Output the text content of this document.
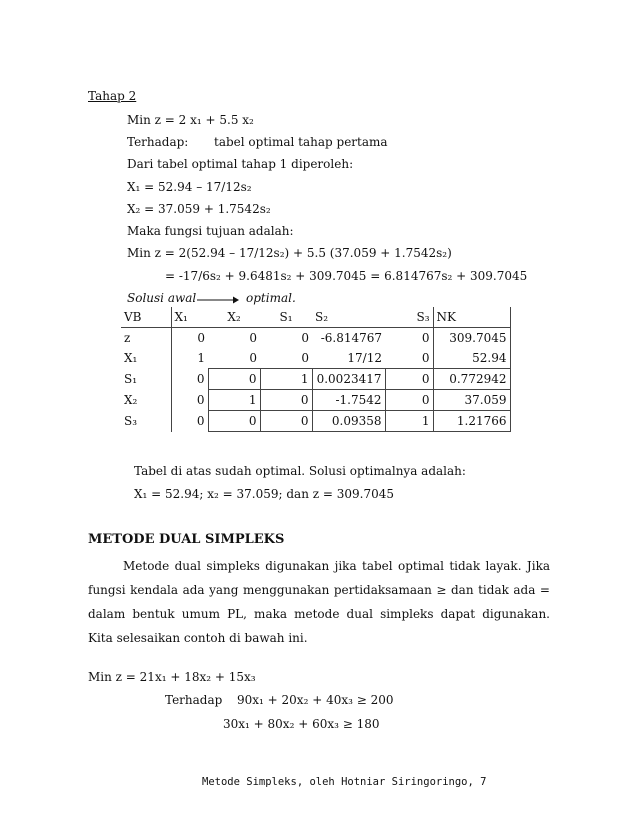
Tahap 2
Min z = 2 x₁ + 5.5 x₂
Terhadap: tabel optimal tahap pertama
Dari tabel optimal tahap 1 diperoleh:
X₁ = 52.94 – 17/12s₂
X₂ = 37.059 + 1.7542s₂
Maka fungsi tujuan adalah:
Min z = 2(52.94 – 17/12s₂) + 5.5 (37.059 + 1.7542s₂)
= -17/6s₂ + 9.6481s₂ + 309.7045 = 6.814767s₂ + 309.7045
Solusi awal	optimal.
VB	X₁	X₂	S₁	S₂	S₃	NK
z	0	0	0	-6.814767	0	309.7045
X₁	1	0	0	17/12	0	52.94
S₁	0	0	1	0.0023417	0	0.772942
X₂	0	1	0	-1.7542	0	37.059
S₃	0	0	0	0.09358	1	1.21766
Tabel di atas sudah optimal. Solusi optimalnya adalah:
X₁ = 52.94; x₂ = 37.059; dan z = 309.7045
METODE DUAL SIMPLEKS
Metode dual simpleks digunakan jika tabel optimal tidak layak. Jika
fungsi kendala ada yang menggunakan pertidaksamaan ≥ dan tidak ada =
dalam bentuk umum PL, maka metode dual simpleks dapat digunakan.
Kita selesaikan contoh di bawah ini.
Min z = 21x₁ + 18x₂ + 15x₃
Terhadap 90x₁ + 20x₂ + 40x₃ ≥ 200
30x₁ + 80x₂ + 60x₃ ≥ 180
Metode Simpleks, oleh Hotniar Siringoringo, 7
